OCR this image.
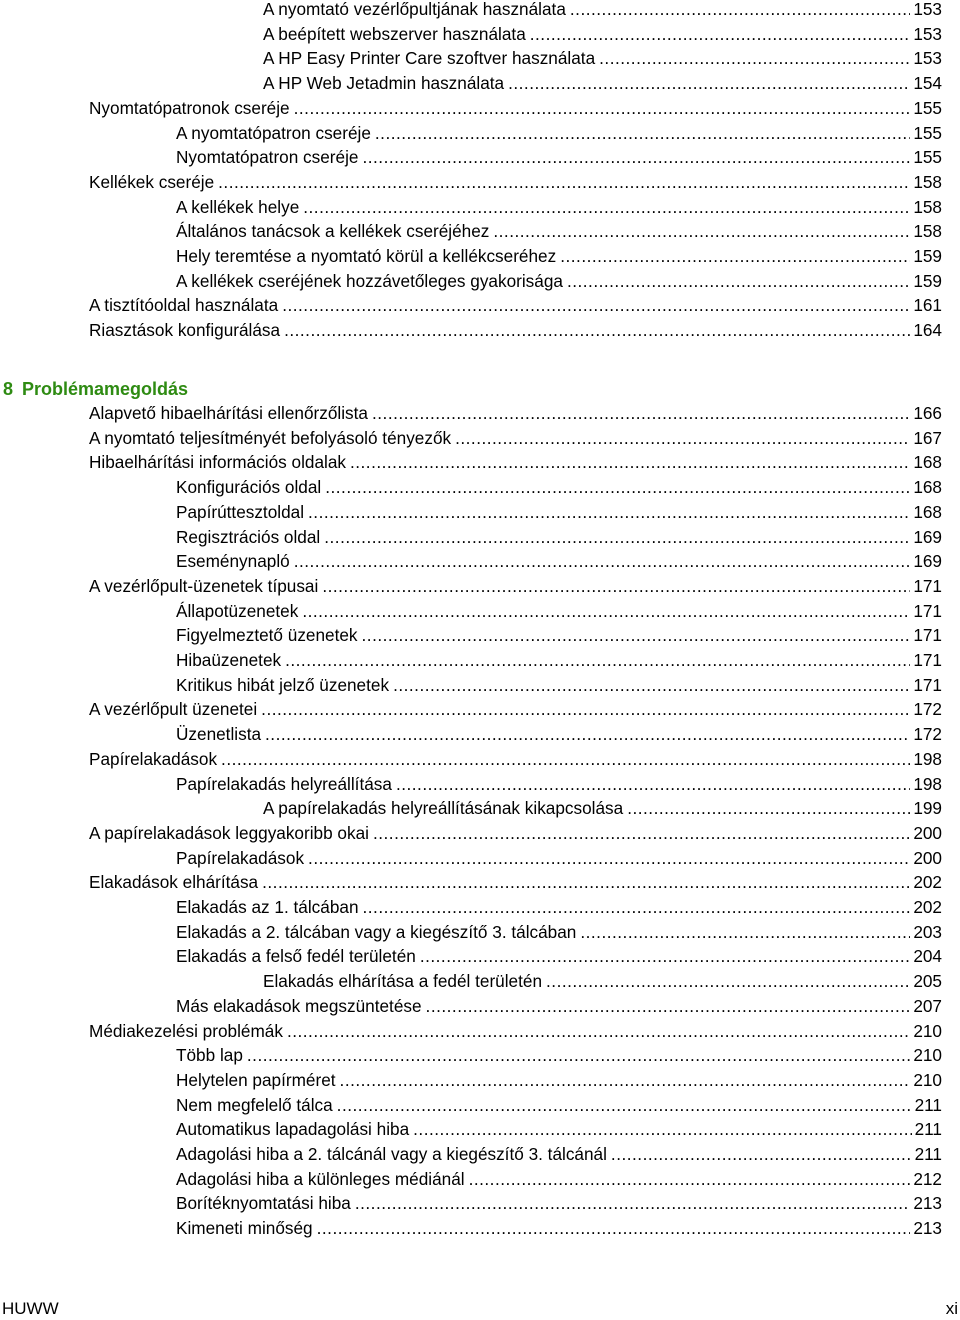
A nyomtató vezérlőpultjának használata .....	153
A beépített webszerver használata .....	153
A HP Easy Printer Care szoftver használata .....	153
A HP Web Jetadmin használata .....	154
Nyomtatópatronok cseréje .....	155
A nyomtatópatron cseréje .....	155
Nyomtatópatron cseréje .....	155
Kellékek cseréje .....	158
A kellékek helye .....	158
Általános tanácsok a kellékek cseréjéhez .....	158
Hely teremtése a nyomtató körül a kellékcseréhez .....	159
A kellékek cseréjének hozzávetőleges gyakorisága .....	159
A tisztítóoldal használata .....	161
Riasztások konfigurálása .....	164
8 Problémamegoldás
Alapvető hibaelhárítási ellenőrzőlista .....	166
A nyomtató teljesítményét befolyásoló tényezők .....	167
Hibaelhárítási információs oldalak .....	168
Konfigurációs oldal .....	168
Papírúttesztoldal .....	168
Regisztrációs oldal .....	169
Eseménynapló .....	169
A vezérlőpult-üzenetek típusai .....	171
Állapotüzenetek .....	171
Figyelmeztető üzenetek .....	171
Hibaüzenetek .....	171
Kritikus hibát jelző üzenetek .....	171
A vezérlőpult üzenetei .....	172
Üzenetlista .....	172
Papírelakadások .....	198
Papírelakadás helyreállítása .....	198
A papírelakadás helyreállításának kikapcsolása .....	199
A papírelakadások leggyakoribb okai .....	200
Papírelakadások .....	200
Elakadások elhárítása .....	202
Elakadás az 1. tálcában .....	202
Elakadás a 2. tálcában vagy a kiegészítő 3. tálcában .....	203
Elakadás a felső fedél területén .....	204
Elakadás elhárítása a fedél területén .....	205
Más elakadások megszüntetése .....	207
Médiakezelési problémák .....	210
Több lap .....	210
Helytelen papírméret .....	210
Nem megfelelő tálca .....	211
Automatikus lapadagolási hiba .....	211
Adagolási hiba a 2. tálcánál vagy a kiegészítő 3. tálcánál .....	211
Adagolási hiba a különleges médiánál .....	212
Borítéknyomtatási hiba .....	213
Kimeneti minőség .....	213
HUWW	xi
